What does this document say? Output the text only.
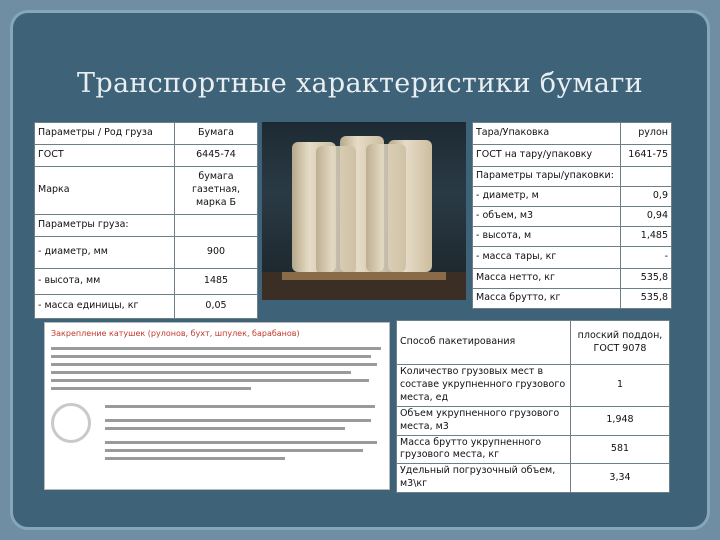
Транспортные характеристики бумаги
Параметры / Род груза	Бумага
ГОСТ	6445-74
Марка	бумага газетная, марка Б
Параметры груза:	
- диаметр, мм	900
- высота, мм	1485
- масса единицы, кг	0,05
Тара/Упаковка	рулон
ГОСТ на тару/упаковку	1641-75
Параметры тары/упаковки:	
- диаметр, м	0,9
- объем, м3	0,94
- высота, м	1,485
- масса тары, кг	-
Масса нетто, кг	535,8
Масса брутто, кг	535,8
Закрепление катушек (рулонов, бухт, шпулек, барабанов)
Способ пакетирования	плоский поддон, ГОСТ 9078
Количество грузовых мест в составе укрупненного грузового места, ед	1
Объем укрупненного грузового места, м3	1,948
Масса брутто укрупненного грузового места, кг	581
Удельный погрузочный объем, м3\кг	3,34
